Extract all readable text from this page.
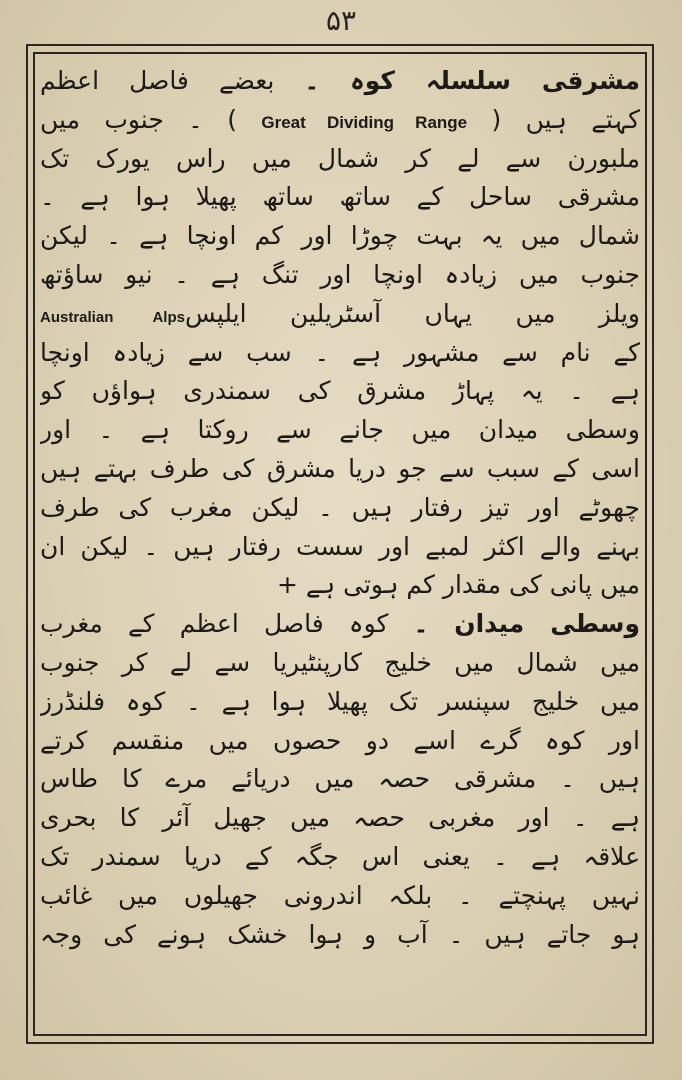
۵۳
مشرقی سلسلہ کوہ ۔ بعضے فاصل اعظم
کہتے ہیں ( Great Dividing Range ) ۔ جنوب میں
ملبورن سے لے کر شمال میں راس یورک تک
مشرقی ساحل کے ساتھ ساتھ پھیلا ہوا ہے ۔
شمال میں یہ بہت چوڑا اور کم اونچا ہے ۔ لیکن
جنوب میں زیادہ اونچا اور تنگ ہے ۔ نیو ساؤتھ
ویلز میں یہاں آسٹریلین ایلپسAustralian Alps
کے نام سے مشہور ہے ۔ سب سے زیادہ اونچا
ہے ۔ یہ پہاڑ مشرق کی سمندری ہواؤں کو
وسطی میدان میں جانے سے روکتا ہے ۔ اور
اسی کے سبب سے جو دریا مشرق کی طرف بہتے ہیں
چھوٹے اور تیز رفتار ہیں ۔ لیکن مغرب کی طرف
بہنے والے اکثر لمبے اور سست رفتار ہیں ۔ لیکن ان
میں پانی کی مقدار کم ہوتی ہے +
وسطی میدان ۔ کوہ فاصل اعظم کے مغرب
میں شمال میں خلیج کارپنٹیریا سے لے کر جنوب
میں خلیج سپنسر تک پھیلا ہوا ہے ۔ کوہ فلنڈرز
اور کوہ گرے اسے دو حصوں میں منقسم کرتے
ہیں ۔ مشرقی حصہ میں دریائے مرے کا طاس
ہے ۔ اور مغربی حصہ میں جھیل آئر کا بحری
علاقہ ہے ۔ یعنی اس جگہ کے دریا سمندر تک
نہیں پہنچتے ۔ بلکہ اندرونی جھیلوں میں غائب
ہو جاتے ہیں ۔ آب و ہوا خشک ہونے کی وجہ
